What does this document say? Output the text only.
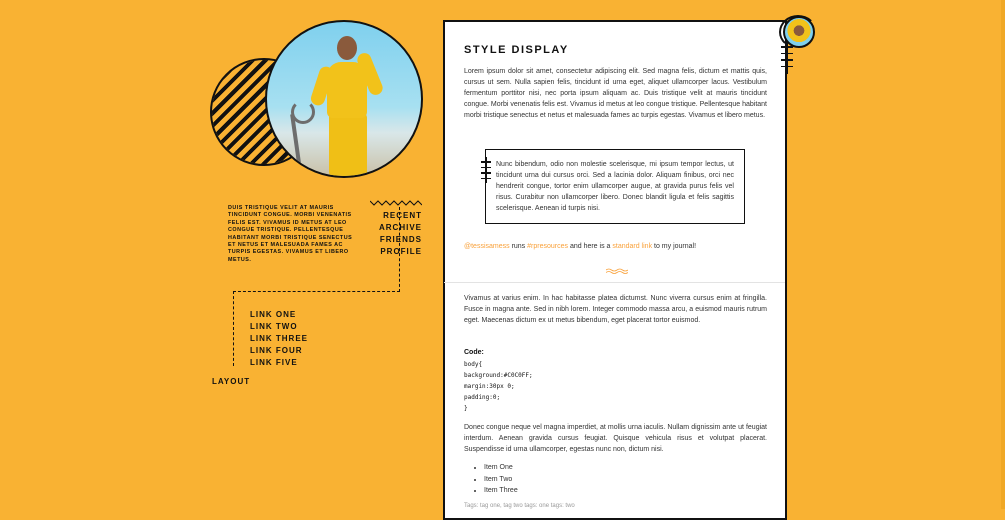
DUIS TRISTIQUE VELIT AT MAURIS TINCIDUNT CONGUE. MORBI VENENATIS FELIS EST. VIVAMUS ID METUS AT LEO CONGUE TRISTIQUE. PELLENTESQUE HABITANT MORBI TRISTIQUE SENECTUS ET NETUS ET MALESUADA FAMES AC TURPIS EGESTAS. VIVAMUS ET LIBERO METUS.
RECENT
ARCHIVE
FRIENDS
PROFILE
LINK ONE
LINK TWO
LINK THREE
LINK FOUR
LINK FIVE
LAYOUT
STYLE DISPLAY
Lorem ipsum dolor sit amet, consectetur adipiscing elit. Sed magna felis, dictum et mattis quis, cursus ut sem. Nulla sapien felis, tincidunt id urna eget, aliquet ullamcorper lacus. Vestibulum fermentum porttitor nisi, nec porta ipsum aliquam ac. Duis tristique velit at mauris tincidunt congue. Morbi venenatis felis est. Vivamus id metus at leo congue tristique. Pellentesque habitant morbi tristique senectus et netus et malesuada fames ac turpis egestas. Vivamus et libero metus.
Nunc bibendum, odio non molestie scelerisque, mi ipsum tempor lectus, ut tincidunt urna dui cursus orci. Sed a lacinia dolor. Aliquam finibus, orci nec hendrerit congue, tortor enim ullamcorper augue, at gravida purus felis vel risus. Curabitur non ullamcorper libero. Donec blandit ligula et felis sagittis scelerisque. Aenean id turpis nisi.
@tessisamess runs #rpresources and here is a standard link to my journal!
Vivamus at varius enim. In hac habitasse platea dictumst. Nunc viverra cursus enim at fringilla. Fusce in magna ante. Sed in nibh lorem. Integer commodo massa arcu, a euismod mauris rutrum eget. Maecenas dictum ex ut metus bibendum, eget placerat tortor euismod.
Code:
body{
background:#C0C0FF;
margin:30px 0;
padding:0;
}
Donec congue neque vel magna imperdiet, at mollis urna iaculis. Nullam dignissim ante ut feugiat interdum. Aenean gravida cursus feugiat. Quisque vehicula risus et volutpat placerat. Suspendisse id urna ullamcorper, egestas nunc non, dictum nisi.
• Item One
• Item Two
• Item Three
Tags: tag one, tag two tags: one tags: two
